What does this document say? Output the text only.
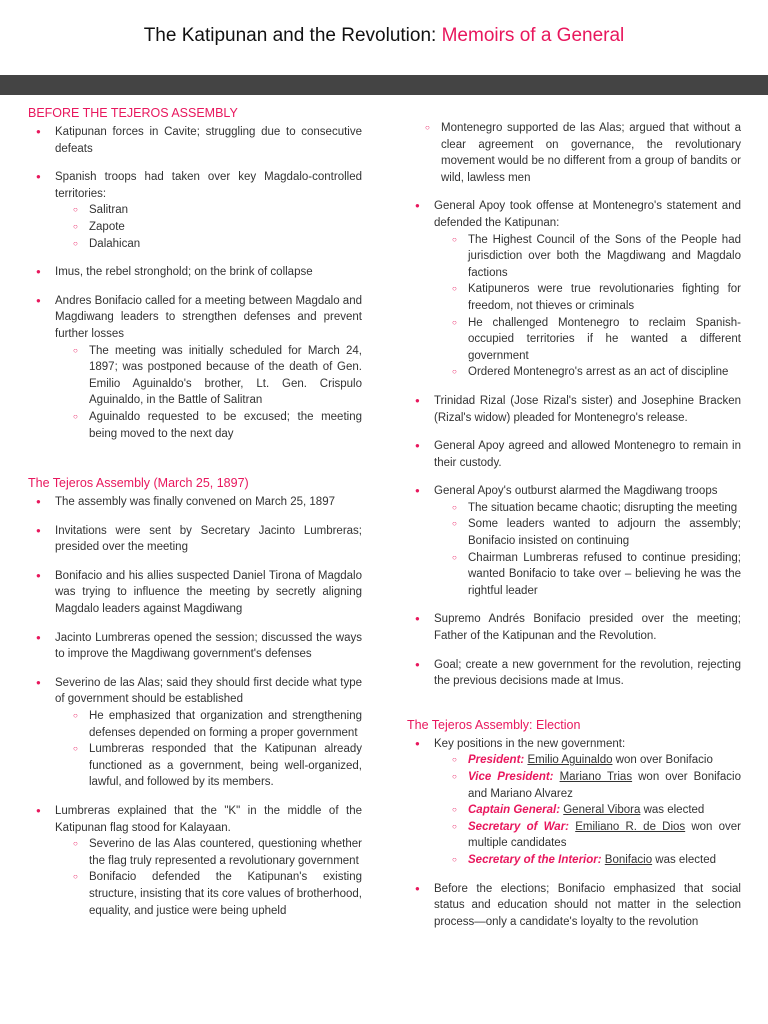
The Katipunan and the Revolution: Memoirs of a General
BEFORE THE TEJEROS ASSEMBLY
● Katipunan forces in Cavite; struggling due to consecutive defeats
● Spanish troops had taken over key Magdalo-controlled territories:
○ Salitran
○ Zapote
○ Dalahican
● Imus, the rebel stronghold; on the brink of collapse
● Andres Bonifacio called for a meeting between Magdalo and Magdiwang leaders to strengthen defenses and prevent further losses
○ The meeting was initially scheduled for March 24, 1897; was postponed because of the death of Gen. Emilio Aguinaldo's brother, Lt. Gen. Crispulo Aguinaldo, in the Battle of Salitran
○ Aguinaldo requested to be excused; the meeting being moved to the next day
The Tejeros Assembly (March 25, 1897)
● The assembly was finally convened on March 25, 1897
● Invitations were sent by Secretary Jacinto Lumbreras; presided over the meeting
● Bonifacio and his allies suspected Daniel Tirona of Magdalo was trying to influence the meeting by secretly aligning Magdalo leaders against Magdiwang
● Jacinto Lumbreras opened the session; discussed the ways to improve the Magdiwang government's defenses
● Severino de las Alas; said they should first decide what type of government should be established
○ He emphasized that organization and strengthening defenses depended on forming a proper government
○ Lumbreras responded that the Katipunan already functioned as a government, being well-organized, lawful, and followed by its members.
● Lumbreras explained that the "K" in the middle of the Katipunan flag stood for Kalayaan.
○ Severino de las Alas countered, questioning whether the flag truly represented a revolutionary government
○ Bonifacio defended the Katipunan's existing structure, insisting that its core values of brotherhood, equality, and justice were being upheld
○ Montenegro supported de las Alas; argued that without a clear agreement on governance, the revolutionary movement would be no different from a group of bandits or wild, lawless men
● General Apoy took offense at Montenegro's statement and defended the Katipunan:
○ The Highest Council of the Sons of the People had jurisdiction over both the Magdiwang and Magdalo factions
○ Katipuneros were true revolutionaries fighting for freedom, not thieves or criminals
○ He challenged Montenegro to reclaim Spanish-occupied territories if he wanted a different government
○ Ordered Montenegro's arrest as an act of discipline
● Trinidad Rizal (Jose Rizal's sister) and Josephine Bracken (Rizal's widow) pleaded for Montenegro's release.
● General Apoy agreed and allowed Montenegro to remain in their custody.
● General Apoy's outburst alarmed the Magdiwang troops
○ The situation became chaotic; disrupting the meeting
○ Some leaders wanted to adjourn the assembly; Bonifacio insisted on continuing
○ Chairman Lumbreras refused to continue presiding; wanted Bonifacio to take over – believing he was the rightful leader
● Supremo Andrés Bonifacio presided over the meeting; Father of the Katipunan and the Revolution.
● Goal; create a new government for the revolution, rejecting the previous decisions made at Imus.
The Tejeros Assembly: Election
● Key positions in the new government:
○ President: Emilio Aguinaldo won over Bonifacio
○ Vice President: Mariano Trias won over Bonifacio and Mariano Alvarez
○ Captain General: General Vibora was elected
○ Secretary of War: Emiliano R. de Dios won over multiple candidates
○ Secretary of the Interior: Bonifacio was elected
● Before the elections; Bonifacio emphasized that social status and education should not matter in the selection process—only a candidate's loyalty to the revolution
